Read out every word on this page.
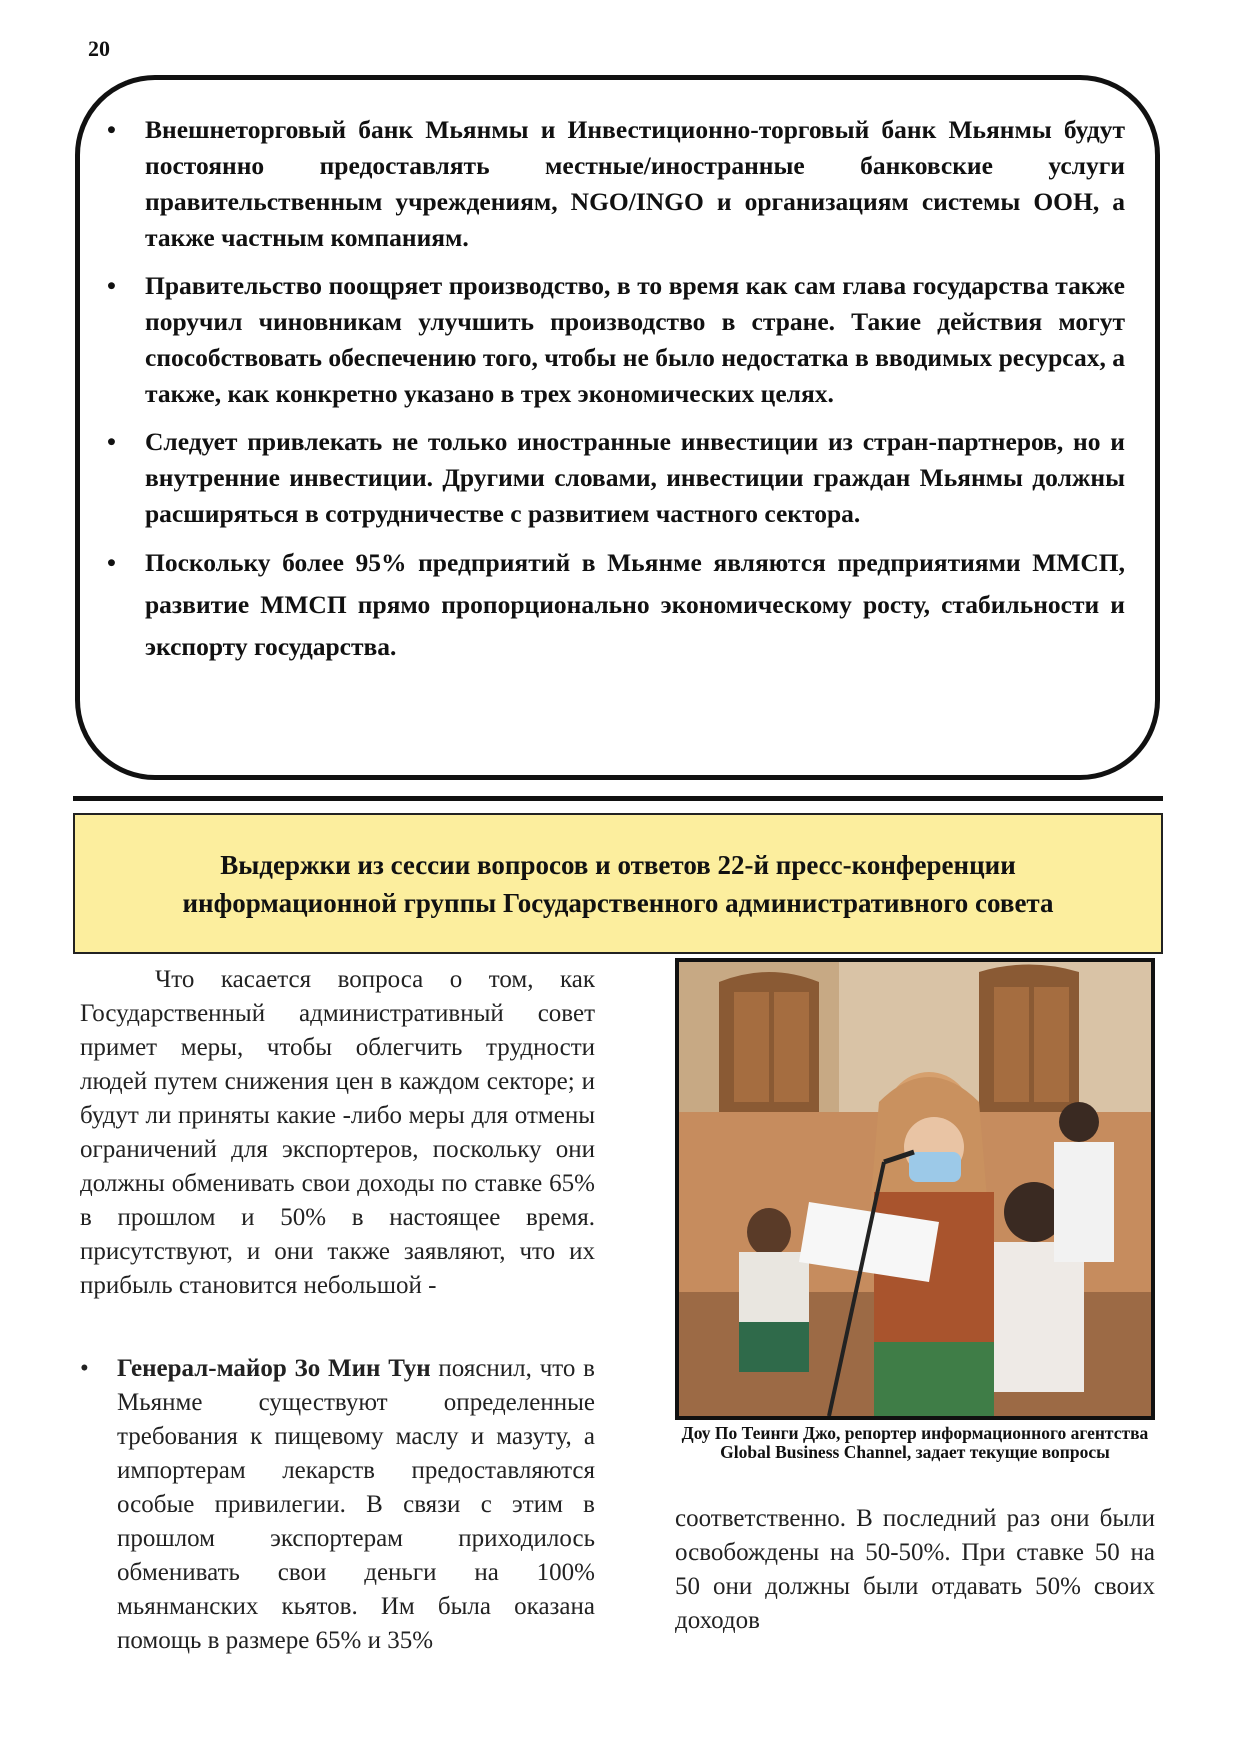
20
• Внешнеторговый банк Мьянмы и Инвестиционно-торговый банк Мьянмы будут постоянно предоставлять местные/иностранные банковские услуги правительственным учреждениям, NGO/INGO и организациям системы ООН, а также частным компаниям.
• Правительство поощряет производство, в то время как сам глава государства также поручил чиновникам улучшить производство в стране. Такие действия могут способствовать обеспечению того, чтобы не было недостатка в вводимых ресурсах, а также, как конкретно указано в трех экономических целях.
• Следует привлекать не только иностранные инвестиции из стран-партнеров, но и внутренние инвестиции. Другими словами, инвестиции граждан Мьянмы должны расширяться в сотрудничестве с развитием частного сектора.
• Поскольку более 95% предприятий в Мьянме являются предприятиями ММСП, развитие ММСП прямо пропорционально экономическому росту, стабильности и экспорту государства.
Выдержки из сессии вопросов и ответов 22-й пресс-конференции
информационной группы Государственного административного совета

Что касается вопроса о том, как Государственный административный совет примет меры, чтобы облегчить трудности людей путем снижения цен в каждом секторе; и будут ли приняты какие -либо меры для отмены ограничений для экспортеров, поскольку они должны обменивать свои доходы по ставке 65% в прошлом и 50% в настоящее время. присутствуют, и они также заявляют, что их прибыль становится небольшой -

• Генерал-майор Зо Мин Тун пояснил, что в Мьянме существуют определенные требования к пищевому маслу и мазуту, а импортерам лекарств предоставляются особые привилегии. В связи с этим в прошлом экспортерам приходилось обменивать свои деньги на 100% мьянманских кьятов. Им была оказана помощь в размере 65% и 35%

Доу По Теинги Джо, репортер информационного агентства Global Business Channel, задает текущие вопросы

соответственно. В последний раз они были освобождены на 50-50%. При ставке 50 на 50 они должны были отдавать 50% своих доходов
